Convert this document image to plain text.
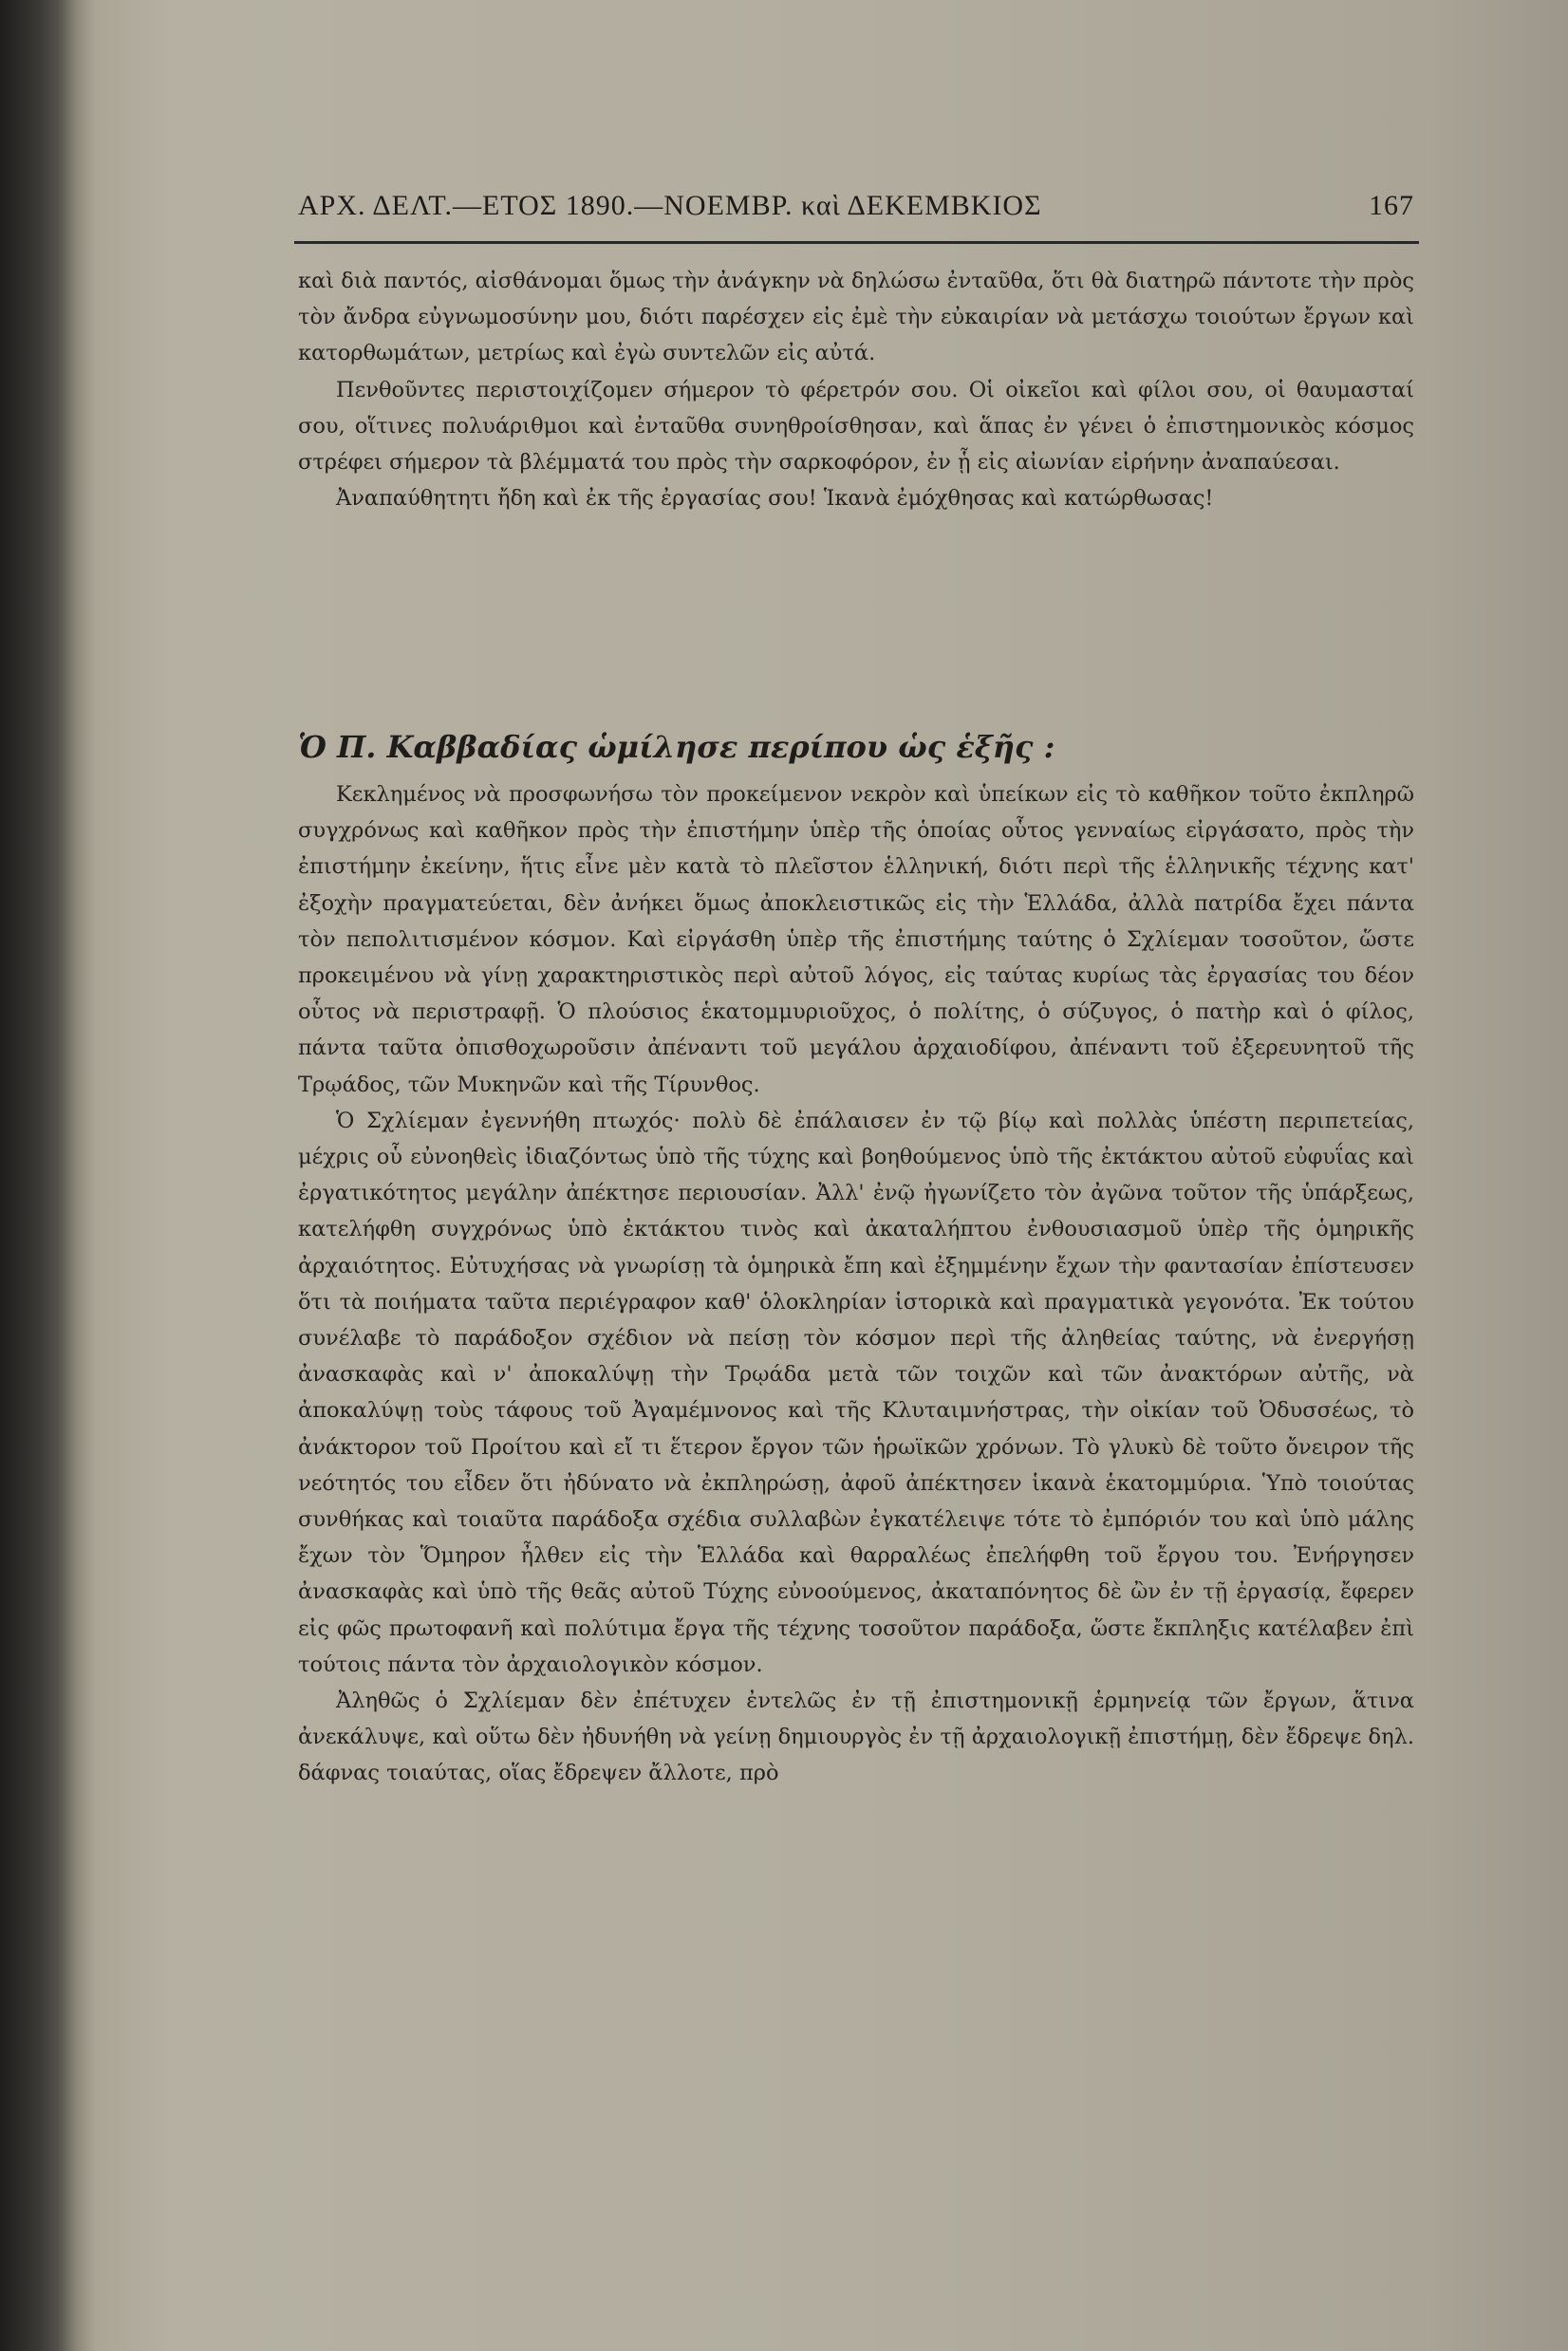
ΑΡΧ. ΔΕΛΤ.—ΕΤΟΣ 1890.—ΝΟΕΜΒΡ. καὶ ΔΕΚΕΜΒΚΙΟΣ	167

καὶ διὰ παντός, αἰσθάνομαι ὅμως τὴν ἀνάγκην νὰ δηλώσω ἐνταῦθα, ὅτι θὰ διατηρῶ πάντοτε τὴν πρὸς τὸν ἄνδρα εὐγνωμοσύνην μου, διότι παρέσχεν εἰς ἐμὲ τὴν εὐκαιρίαν νὰ μετάσχω τοιούτων ἔργων καὶ κατορθωμάτων, μετρίως καὶ ἐγὼ συντελῶν εἰς αὐτά.

Πενθοῦντες περιστοιχίζομεν σήμερον τὸ φέρετρόν σου. Οἱ οἰκεῖοι καὶ φίλοι σου, οἱ θαυμασταί σου, οἵτινες πολυάριθμοι καὶ ἐνταῦθα συνηθροίσθησαν, καὶ ἅπας ἐν γένει ὁ ἐπιστημονικὸς κόσμος στρέφει σήμερον τὰ βλέμματά του πρὸς τὴν σαρκοφόρον, ἐν ᾗ εἰς αἰωνίαν εἰρήνην ἀναπαύεσαι.

Ἀναπαύθητητι ἤδη καὶ ἐκ τῆς ἐργασίας σου! Ἱκανὰ ἐμόχθησας καὶ κατώρθωσας!

Ὁ Π. Καββαδίας ὡμίλησε περίπου ὡς ἑξῆς :

Κεκλημένος νὰ προσφωνήσω τὸν προκείμενον νεκρὸν καὶ ὑπείκων εἰς τὸ καθῆκον τοῦτο ἐκπληρῶ συγχρόνως καὶ καθῆκον πρὸς τὴν ἐπιστήμην ὑπὲρ τῆς ὁποίας οὗτος γενναίως εἰργάσατο, πρὸς τὴν ἐπιστήμην ἐκείνην, ἥτις εἶνε μὲν κατὰ τὸ πλεῖστον ἑλληνική, διότι περὶ τῆς ἑλληνικῆς τέχνης κατ' ἐξοχὴν πραγματεύεται, δὲν ἀνήκει ὅμως ἀποκλειστικῶς εἰς τὴν Ἑλλάδα, ἀλλὰ πατρίδα ἔχει πάντα τὸν πεπολιτισμένον κόσμον. Καὶ εἰργάσθη ὑπὲρ τῆς ἐπιστήμης ταύτης ὁ Σχλίεμαν τοσοῦτον, ὥστε προκειμένου νὰ γίνῃ χαρακτηριστικὸς περὶ αὐτοῦ λόγος, εἰς ταύτας κυρίως τὰς ἐργασίας του δέον οὗτος νὰ περιστραφῇ. Ὁ πλούσιος ἑκατομμυριοῦχος, ὁ πολίτης, ὁ σύζυγος, ὁ πατὴρ καὶ ὁ φίλος, πάντα ταῦτα ὀπισθοχωροῦσιν ἀπέναντι τοῦ μεγάλου ἀρχαιοδίφου, ἀπέναντι τοῦ ἐξερευνητοῦ τῆς Τρῳάδος, τῶν Μυκηνῶν καὶ τῆς Τίρυνθος.

Ὁ Σχλίεμαν ἐγεννήθη πτωχός· πολὺ δὲ ἐπάλαισεν ἐν τῷ βίῳ καὶ πολλὰς ὑπέστη περιπετείας, μέχρις οὗ εὐνοηθεὶς ἰδιαζόντως ὑπὸ τῆς τύχης καὶ βοηθούμενος ὑπὸ τῆς ἐκτάκτου αὐτοῦ εὐφυΐας καὶ ἐργατικότητος μεγάλην ἀπέκτησε περιουσίαν. Ἀλλ' ἐνῷ ἠγωνίζετο τὸν ἀγῶνα τοῦτον τῆς ὑπάρξεως, κατελήφθη συγχρόνως ὑπὸ ἐκτάκτου τινὸς καὶ ἀκαταλήπτου ἐνθουσιασμοῦ ὑπὲρ τῆς ὁμηρικῆς ἀρχαιότητος. Εὐτυχήσας νὰ γνωρίσῃ τὰ ὁμηρικὰ ἔπη καὶ ἐξημμένην ἔχων τὴν φαντασίαν ἐπίστευσεν ὅτι τὰ ποιήματα ταῦτα περιέγραφον καθ' ὁλοκληρίαν ἱστορικὰ καὶ πραγματικὰ γεγονότα. Ἐκ τούτου συνέλαβε τὸ παράδοξον σχέδιον νὰ πείσῃ τὸν κόσμον περὶ τῆς ἀληθείας ταύτης, νὰ ἐνεργήσῃ ἀνασκαφὰς καὶ ν' ἀποκαλύψῃ τὴν Τρῳάδα μετὰ τῶν τοιχῶν καὶ τῶν ἀνακτόρων αὐτῆς, νὰ ἀποκαλύψῃ τοὺς τάφους τοῦ Ἀγαμέμνονος καὶ τῆς Κλυταιμνήστρας, τὴν οἰκίαν τοῦ Ὀδυσσέως, τὸ ἀνάκτορον τοῦ Προίτου καὶ εἴ τι ἕτερον ἔργον τῶν ἡρωϊκῶν χρόνων. Τὸ γλυκὺ δὲ τοῦτο ὄνειρον τῆς νεότητός του εἶδεν ὅτι ἠδύνατο νὰ ἐκπληρώσῃ, ἀφοῦ ἀπέκτησεν ἱκανὰ ἑκατομμύρια. Ὑπὸ τοιούτας συνθήκας καὶ τοιαῦτα παράδοξα σχέδια συλλαβὼν ἐγκατέλειψε τότε τὸ ἐμπόριόν του καὶ ὑπὸ μάλης ἔχων τὸν Ὅμηρον ἦλθεν εἰς τὴν Ἑλλάδα καὶ θαρραλέως ἐπελήφθη τοῦ ἔργου του. Ἐνήργησεν ἀνασκαφὰς καὶ ὑπὸ τῆς θεᾶς αὐτοῦ Τύχης εὐνοούμενος, ἀκαταπόνητος δὲ ὢν ἐν τῇ ἐργασίᾳ, ἔφερεν εἰς φῶς πρωτοφανῆ καὶ πολύτιμα ἔργα τῆς τέχνης τοσοῦτον παράδοξα, ὥστε ἔκπληξις κατέλαβεν ἐπὶ τούτοις πάντα τὸν ἀρχαιολογικὸν κόσμον.

Ἀληθῶς ὁ Σχλίεμαν δὲν ἐπέτυχεν ἐντελῶς ἐν τῇ ἐπιστημονικῇ ἑρμηνείᾳ τῶν ἔργων, ἅτινα ἀνεκάλυψε, καὶ οὕτω δὲν ἠδυνήθη νὰ γείνῃ δημιουργὸς ἐν τῇ ἀρχαιολογικῇ ἐπιστήμῃ, δὲν ἔδρεψε δηλ. δάφνας τοιαύτας, οἵας ἔδρεψεν ἄλλοτε, πρὸ
